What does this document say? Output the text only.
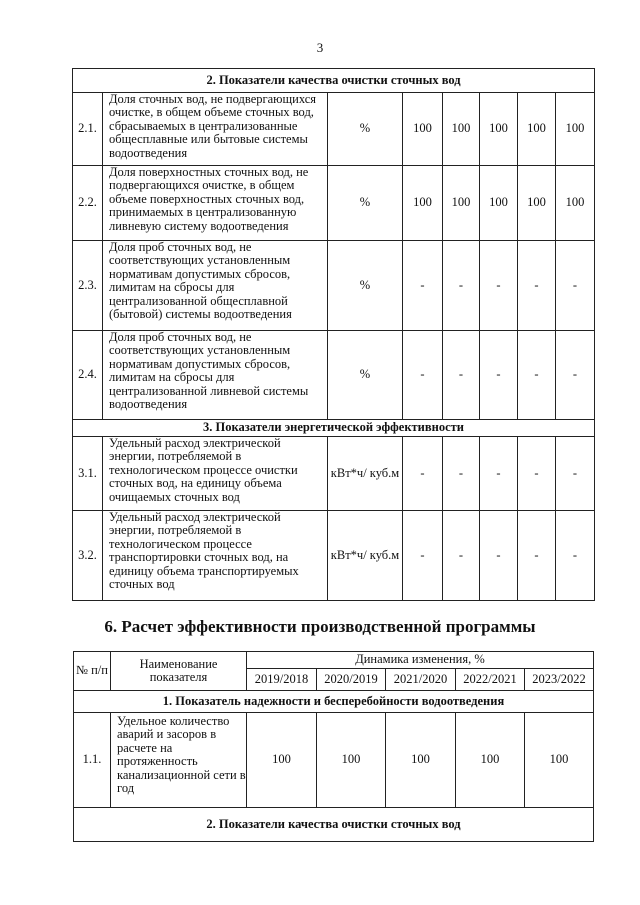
3
2. Показатели качества очистки сточных вод							
2.1.	Доля сточных вод, не подвергающихся очистке, в общем объеме сточных вод, сбрасываемых в централизованные общесплавные или бытовые системы водоотведения	%	100	100	100	100	100
2.2.	Доля поверхностных сточных вод, не подвергающихся очистке, в общем объеме поверхностных сточных вод, принимаемых в централизованную ливневую систему водоотведения	%	100	100	100	100	100
2.3.	Доля проб сточных вод, не соответствующих установленным нормативам допустимых сбросов, лимитам на сбросы для централизованной общесплавной (бытовой) системы водоотведения	%	-	-	-	-	-
2.4.	Доля проб сточных вод, не соответствующих установленным нормативам допустимых сбросов, лимитам на сбросы для централизованной ливневой системы водоотведения	%	-	-	-	-	-
3. Показатели энергетической эффективности							
3.1.	Удельный расход электрической энергии, потребляемой в технологическом процессе очистки сточных вод, на единицу объема очищаемых сточных вод	кВт*ч/ куб.м	-	-	-	-	-
3.2.	Удельный расход электрической энергии, потребляемой в технологическом процессе транспортировки сточных вод, на единицу объема транспортируемых сточных вод	кВт*ч/ куб.м	-	-	-	-	-
6. Расчет эффективности производственной программы
№ п/п	Наименование показателя	Динамика изменения, %				
		2019/2018	2020/2019	2021/2020	2022/2021	2023/2022
1. Показатель надежности и бесперебойности водоотведения						
1.1.	Удельное количество аварий и засоров в расчете на протяженность канализационной сети в год	100	100	100	100	100
2. Показатели качества очистки сточных вод						
